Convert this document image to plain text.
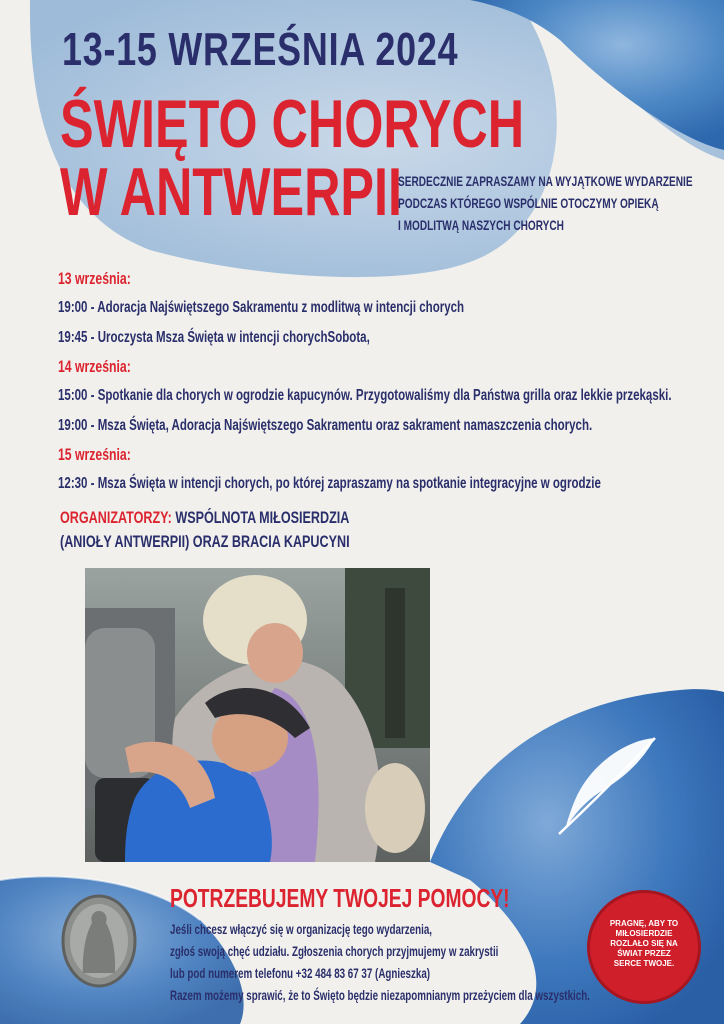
13-15 WRZEŚNIA 2024
ŚWIĘTO CHORYCH
W ANTWERPII
SERDECZNIE ZAPRASZAMY NA WYJĄTKOWE WYDARZENIE
PODCZAS KTÓREGO WSPÓLNIE OTOCZYMY OPIEKĄ
I MODLITWĄ NASZYCH CHORYCH
13 września:
19:00 - Adoracja Najświętszego Sakramentu z modlitwą w intencji chorych
19:45 - Uroczysta Msza Święta w intencji chorychSobota,
14 września:
15:00 - Spotkanie dla chorych w ogrodzie kapucynów. Przygotowaliśmy dla Państwa grilla oraz lekkie przekąski.
19:00 - Msza Święta, Adoracja Najświętszego Sakramentu oraz sakrament namaszczenia chorych.
15 września:
12:30 - Msza Święta w intencji chorych, po której zapraszamy na spotkanie integracyjne w ogrodzie
ORGANIZATORZY: WSPÓLNOTA MIŁOSIERDZIA
(ANIOŁY ANTWERPII) ORAZ BRACIA KAPUCYNI
POTRZEBUJEMY TWOJEJ POMOCY!
Jeśli chcesz włączyć się w organizację tego wydarzenia,
zgłoś swoją chęć udziału. Zgłoszenia chorych przyjmujemy w zakrystii
lub pod numerem telefonu +32 484 83 67 37 (Agnieszka)
Razem możemy sprawić, że to Święto będzie niezapomnianym przeżyciem dla wszystkich.
PRAGNĘ, ABY TO
MIŁOSIERDZIE
ROZLAŁO SIĘ NA
ŚWIAT PRZEZ
SERCE TWOJE.
